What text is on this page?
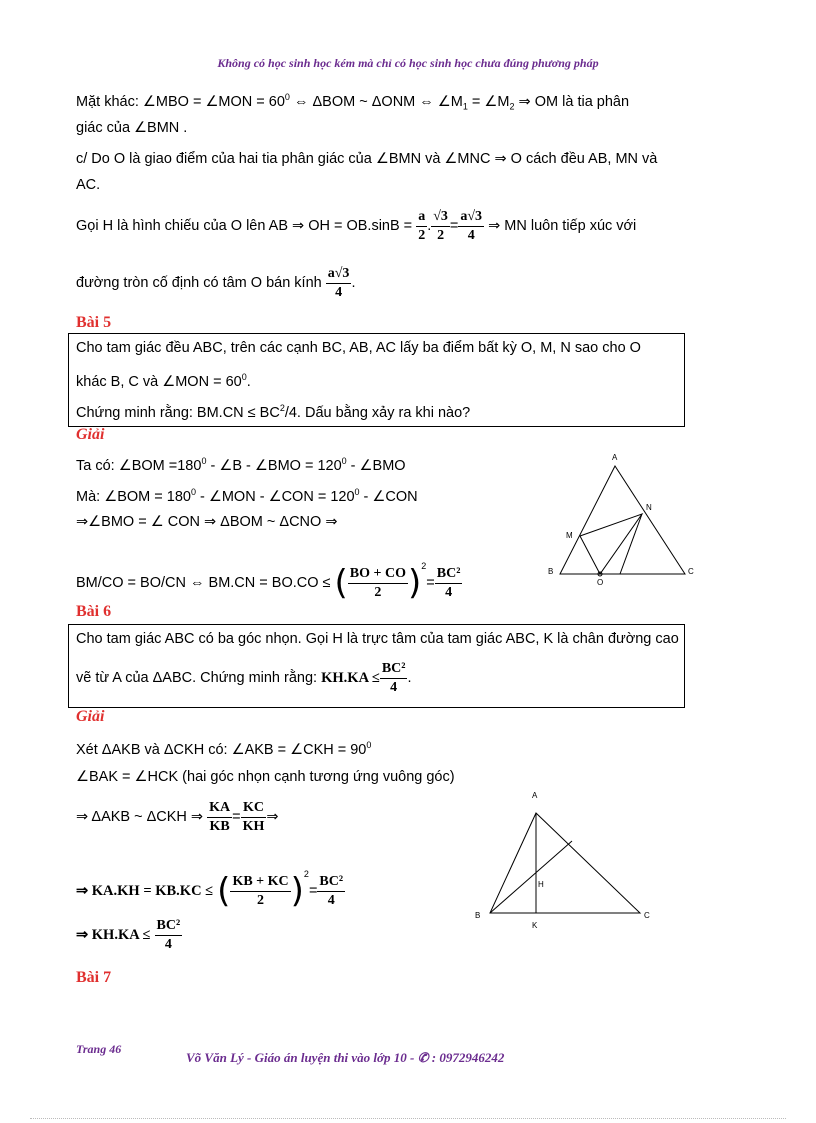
Không có học sinh học kém mà chỉ có học sinh học chưa đúng phương pháp
Mặt khác: ∠MBO = ∠MON = $60^0$ ⇔ ΔBOM ~ ΔONM ⇔ $\angle M_1$ = $\angle M_2$ ⇒ OM là tia phân
giác của ∠BMN .
c/ Do O là giao điểm của hai tia phân giác của ∠BMN và ∠MNC ⇒ O cách đều AB, MN và
AC.
Gọi H là hình chiếu của O lên AB ⇒ OH = $OB.\sin B = \frac{a}{2}$ . $\frac{√3}{2} = \frac{a√3}{4}$ ⇒ MN luôn tiếp xúc với
đường tròn cố định có tâm O bán kính $\frac{a√3}{4}$ .
Bài 5
Cho tam giác đều ABC, trên các cạnh BC, AB, AC lấy ba điểm bất kỳ O, M, N sao cho O
khác B, C và ∠MON = $60^0$.
Chứng minh rằng: $BM.CN \le BC^2/4$. Dấu bằng xảy ra khi nào?
Giải
Ta có: ∠BOM $=180^0$ - ∠B - ∠BMO = $120^0$ - ∠BMO
Mà: ∠BOM = $180^0$ - ∠MON - ∠CON = $120^0$ - ∠CON
⇒∠BMO = ∠ CON ⇒ ΔBOM ~ ΔCNO ⇒
BM/CO = BO/CN ⇔ BM.CN = BO.CO ≤ ( $\frac{BO + CO}{2} )^2= \frac{\text{BC²}}{4}$
A
B	C
M
N
O
Bài 6
Cho tam giác ABC có ba góc nhọn. Gọi H là trực tâm của tam giác ABC, K là chân đường cao
vẽ từ A của ΔABC. Chứng minh rằng: $KH.KA \le \frac{\text{BC²}}{4}$ .
Giải
Xét ΔAKB và ΔCKH có: ∠AKB = ∠CKH = $90^0$
∠BAK = ∠HCK (hai góc nhọn cạnh tương ứng vuông góc)
⇒ ΔAKB ~ ΔCKH ⇒ $\frac{KA}{KB} = \frac{KC}{KH}$ ⇒
⇒ KA.KH = KB.KC ≤ ( $\frac{KB + KC}{2} )^2= \frac{\text{BC²}}{4}$
⇒ $KH.KA \le \frac{\text{BC²}}{4}$
A
B	C
H
K
Bài 7
Trang 46
Võ Văn Lý - Giáo án luyện thi vào lớp 10 - ✆ : 0972946242
